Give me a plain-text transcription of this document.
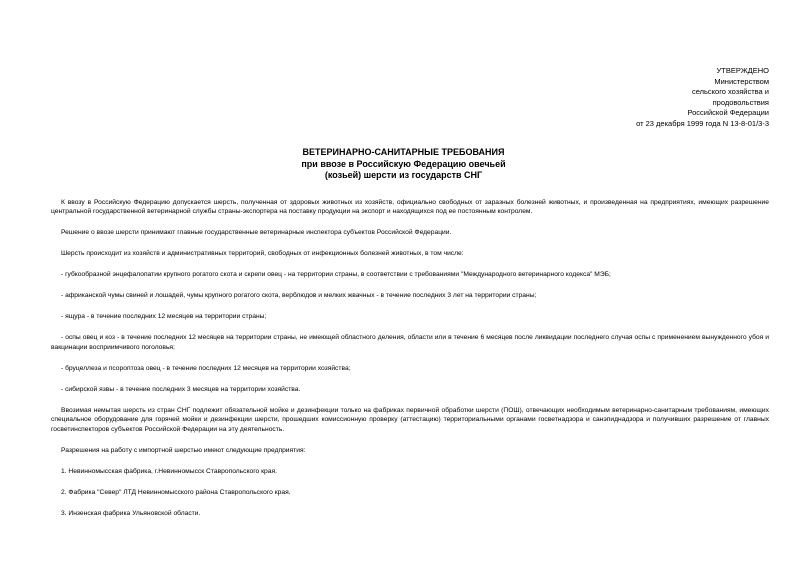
УТВЕРЖДЕНО
Министерством
сельского хозяйства и
продовольствия
Российской Федерации
от 23 декабря 1999 года N 13-8-01/3-3
ВЕТЕРИНАРНО-САНИТАРНЫЕ ТРЕБОВАНИЯ
при ввозе в Российскую Федерацию овечьей
(козьей) шерсти из государств СНГ

К ввозу в Российскую Федерацию допускается шерсть, полученная от здоровых животных из хозяйств, официально свободных от заразных болезней животных, и произведенная на предприятиях, имеющих разрешение центральной государственной ветеринарной службы страны-экспортера на поставку продукции на экспорт и находящихся под ее постоянным контролем.

Решение о ввозе шерсти принимают главные государственные ветеринарные инспектора субъектов Российской Федерации.

Шерсть происходит из хозяйств и административных территорий, свободных от инфекционных болезней животных, в том числе:

- губкообразной энцефалопатии крупного рогатого скота и скрепи овец - на территории страны, в соответствии с требованиями "Международного ветеринарного кодекса" МЭБ;

- африканской чумы свиней и лошадей, чумы крупного рогатого скота, верблюдов и мелких жвачных - в течение последних 3 лет на территории страны;

- ящура - в течение последних 12 месяцев на территории страны;

- оспы овец и коз - в течение последних 12 месяцев на территории страны, не имеющей областного деления, области или в течение 6 месяцев после ликвидации последнего случая оспы с применением вынужденного убоя и вакцинации восприимчивого поголовья;

- бруцеллеза и псороптоза овец - в течение последних 12 месяцев на территории хозяйства;

- сибирской язвы - в течение последних 3 месяцев на территории хозяйства.

Ввозимая немытая шерсть из стран СНГ подлежит обязательной мойке и дезинфекции только на фабриках первичной обработки шерсти (ПОШ), отвечающих необходимым ветеринарно-санитарным требованиям, имеющих специальное оборудование для горячей мойки и дезинфекции шерсти, прошедших комиссионную проверку (аттестацию) территориальными органами госветнадзора и санэпиднадзора и получивших разрешение от главных госветинспекторов субъектов Российской Федерации на эту деятельность.

Разрешения на работу с импортной шерстью имеют следующие предприятия:

1. Невинномысская фабрика, г.Невинномысск Ставропольского края.

2. Фабрика "Север" ЛТД Невинномысского района Ставропольского края.

3. Инзенская фабрика Ульяновской области.
